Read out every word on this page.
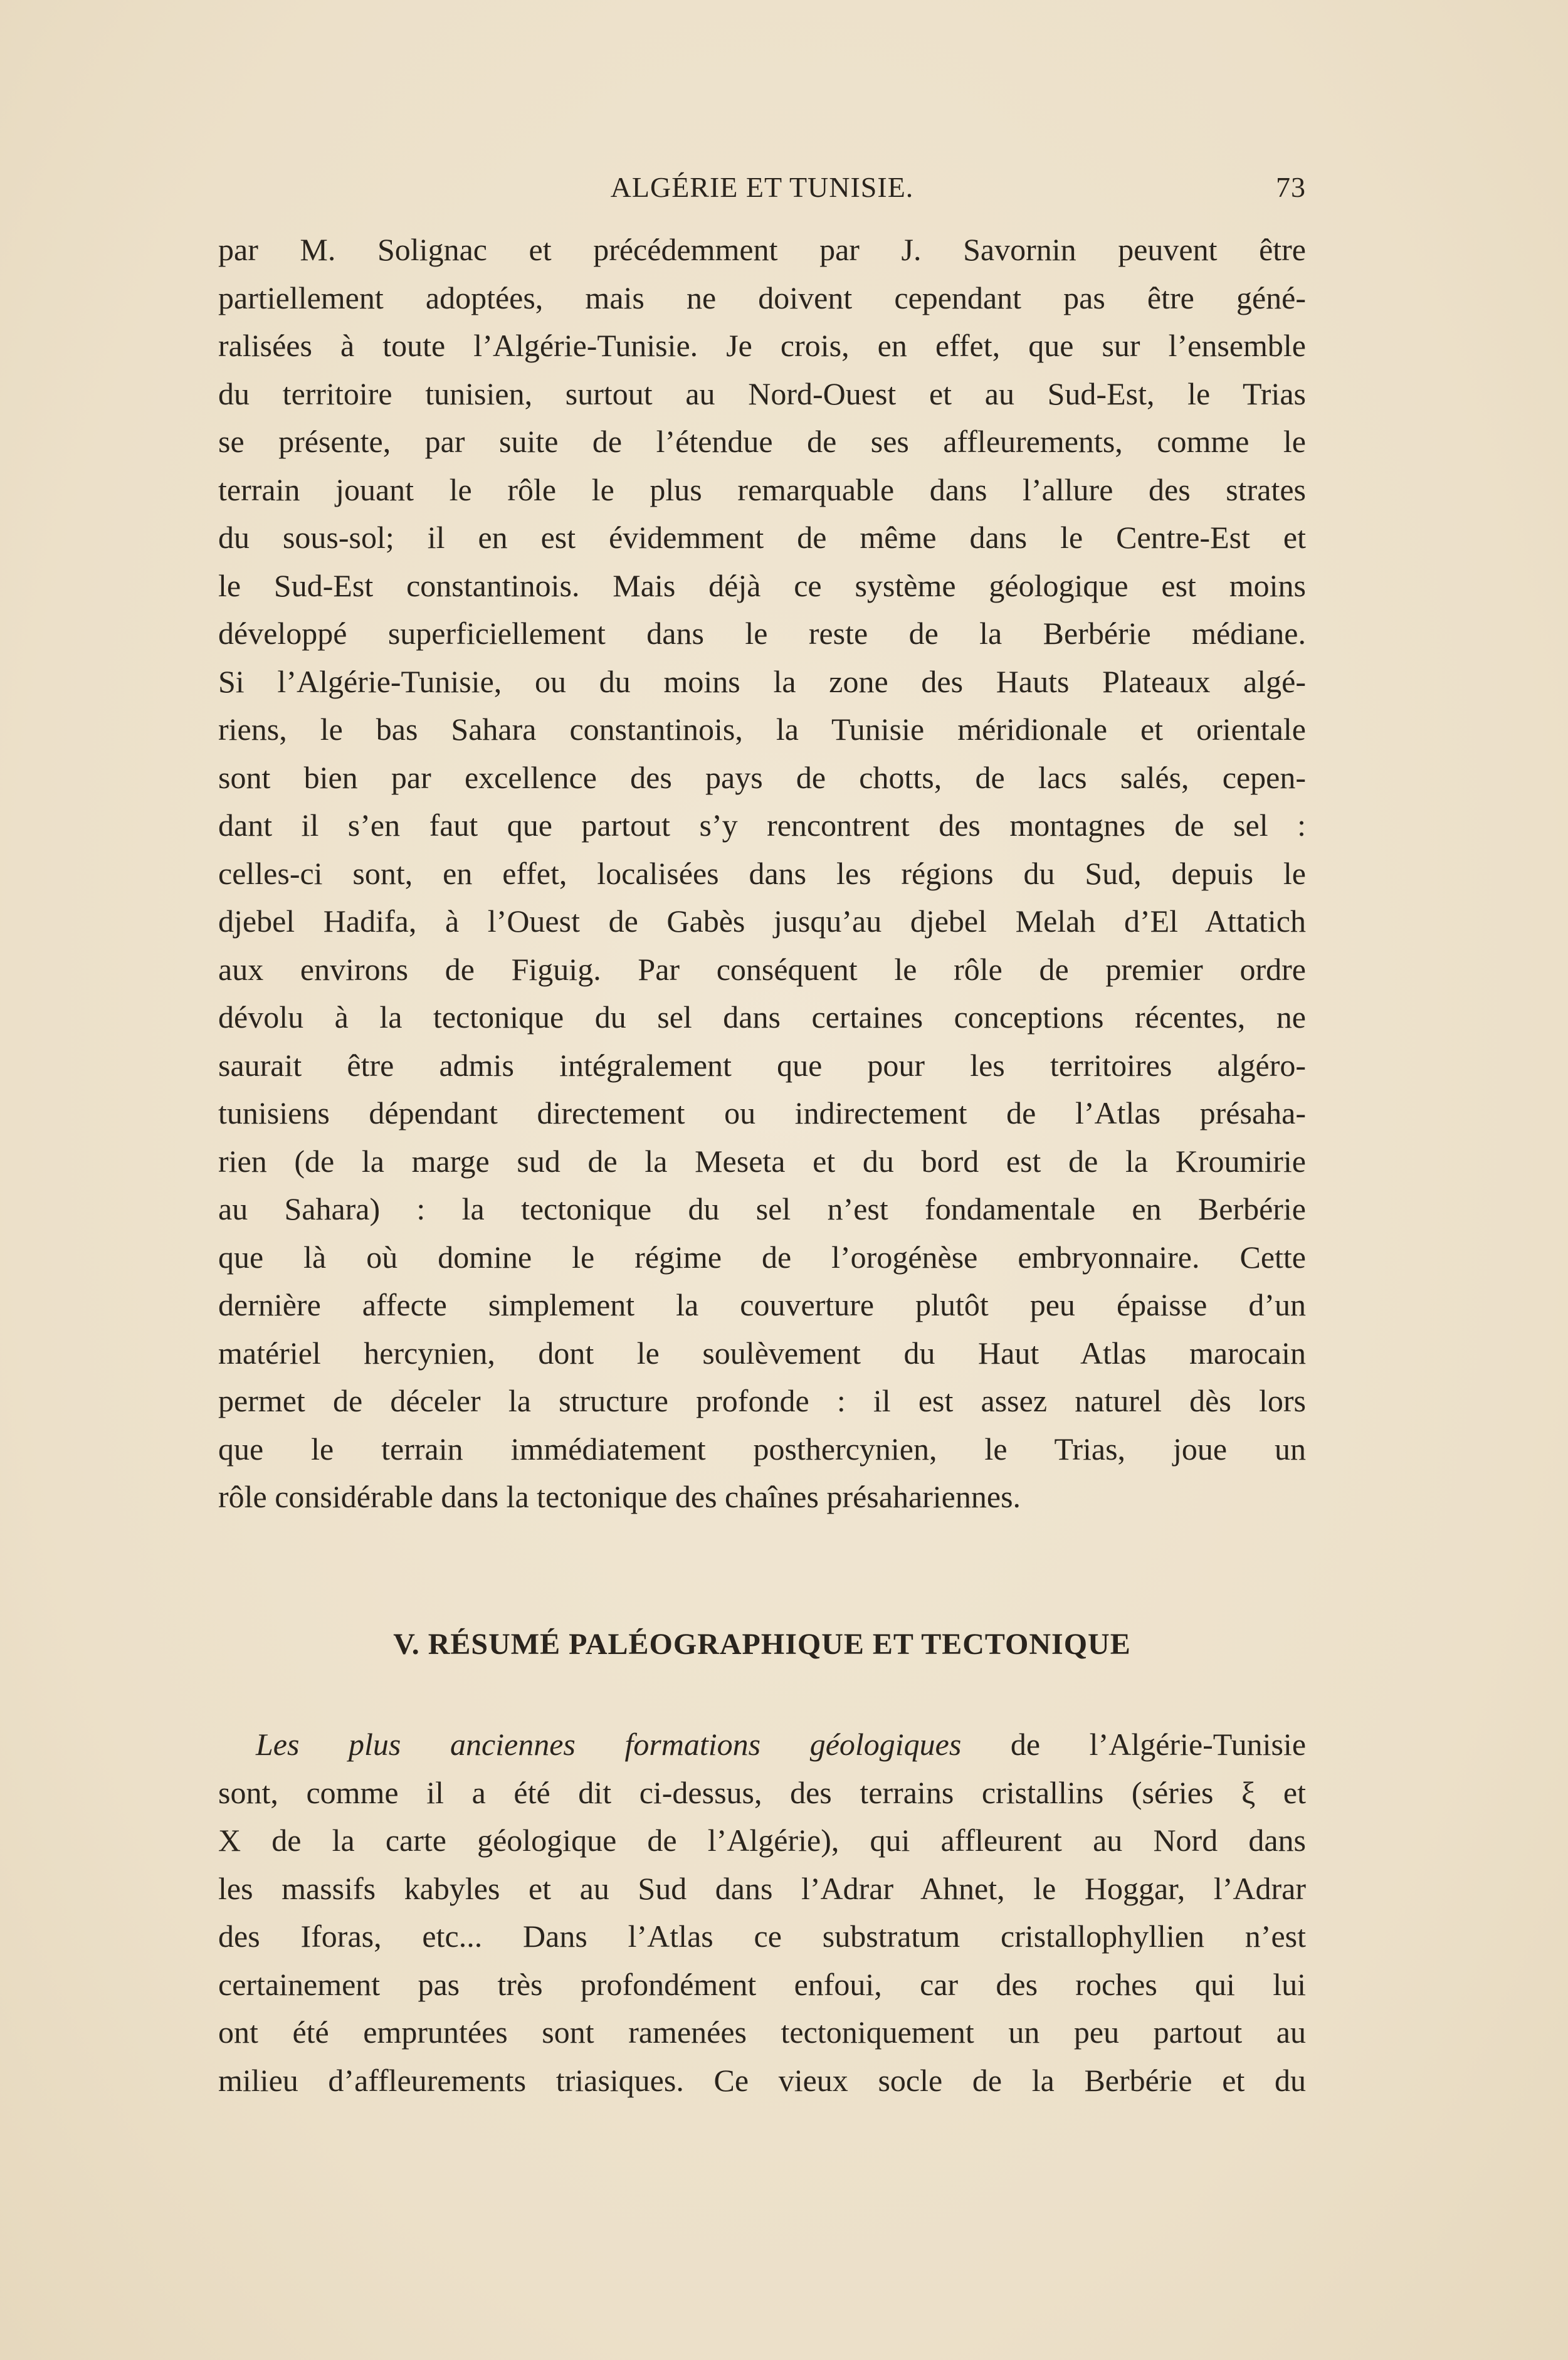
ALGÉRIE ET TUNISIE.	73
par M. Solignac et précédemment par J. Savornin peuvent être
partiellement adoptées, mais ne doivent cependant pas être géné-
ralisées à toute l’Algérie-Tunisie. Je crois, en effet, que sur l’ensemble
du territoire tunisien, surtout au Nord-Ouest et au Sud-Est, le Trias
se présente, par suite de l’étendue de ses affleurements, comme le
terrain jouant le rôle le plus remarquable dans l’allure des strates
du sous-sol; il en est évidemment de même dans le Centre-Est et
le Sud-Est constantinois. Mais déjà ce système géologique est moins
développé superficiellement dans le reste de la Berbérie médiane.
Si l’Algérie-Tunisie, ou du moins la zone des Hauts Plateaux algé-
riens, le bas Sahara constantinois, la Tunisie méridionale et orientale
sont bien par excellence des pays de chotts, de lacs salés, cepen-
dant il s’en faut que partout s’y rencontrent des montagnes de sel :
celles-ci sont, en effet, localisées dans les régions du Sud, depuis le
djebel Hadifa, à l’Ouest de Gabès jusqu’au djebel Melah d’El Attatich
aux environs de Figuig. Par conséquent le rôle de premier ordre
dévolu à la tectonique du sel dans certaines conceptions récentes, ne
saurait être admis intégralement que pour les territoires algéro-
tunisiens dépendant directement ou indirectement de l’Atlas présaha-
rien (de la marge sud de la Meseta et du bord est de la Kroumirie
au Sahara) : la tectonique du sel n’est fondamentale en Berbérie
que là où domine le régime de l’orogénèse embryonnaire. Cette
dernière affecte simplement la couverture plutôt peu épaisse d’un
matériel hercynien, dont le soulèvement du Haut Atlas marocain
permet de déceler la structure profonde : il est assez naturel dès lors
que le terrain immédiatement posthercynien, le Trias, joue un
rôle considérable dans la tectonique des chaînes présahariennes.
V. RÉSUMÉ PALÉOGRAPHIQUE ET TECTONIQUE
Les plus anciennes formations géologiques de l’Algérie-Tunisie
sont, comme il a été dit ci-dessus, des terrains cristallins (séries ξ et
X de la carte géologique de l’Algérie), qui affleurent au Nord dans
les massifs kabyles et au Sud dans l’Adrar Ahnet, le Hoggar, l’Adrar
des Iforas, etc... Dans l’Atlas ce substratum cristallophyllien n’est
certainement pas très profondément enfoui, car des roches qui lui
ont été empruntées sont ramenées tectoniquement un peu partout au
milieu d’affleurements triasiques. Ce vieux socle de la Berbérie et du
